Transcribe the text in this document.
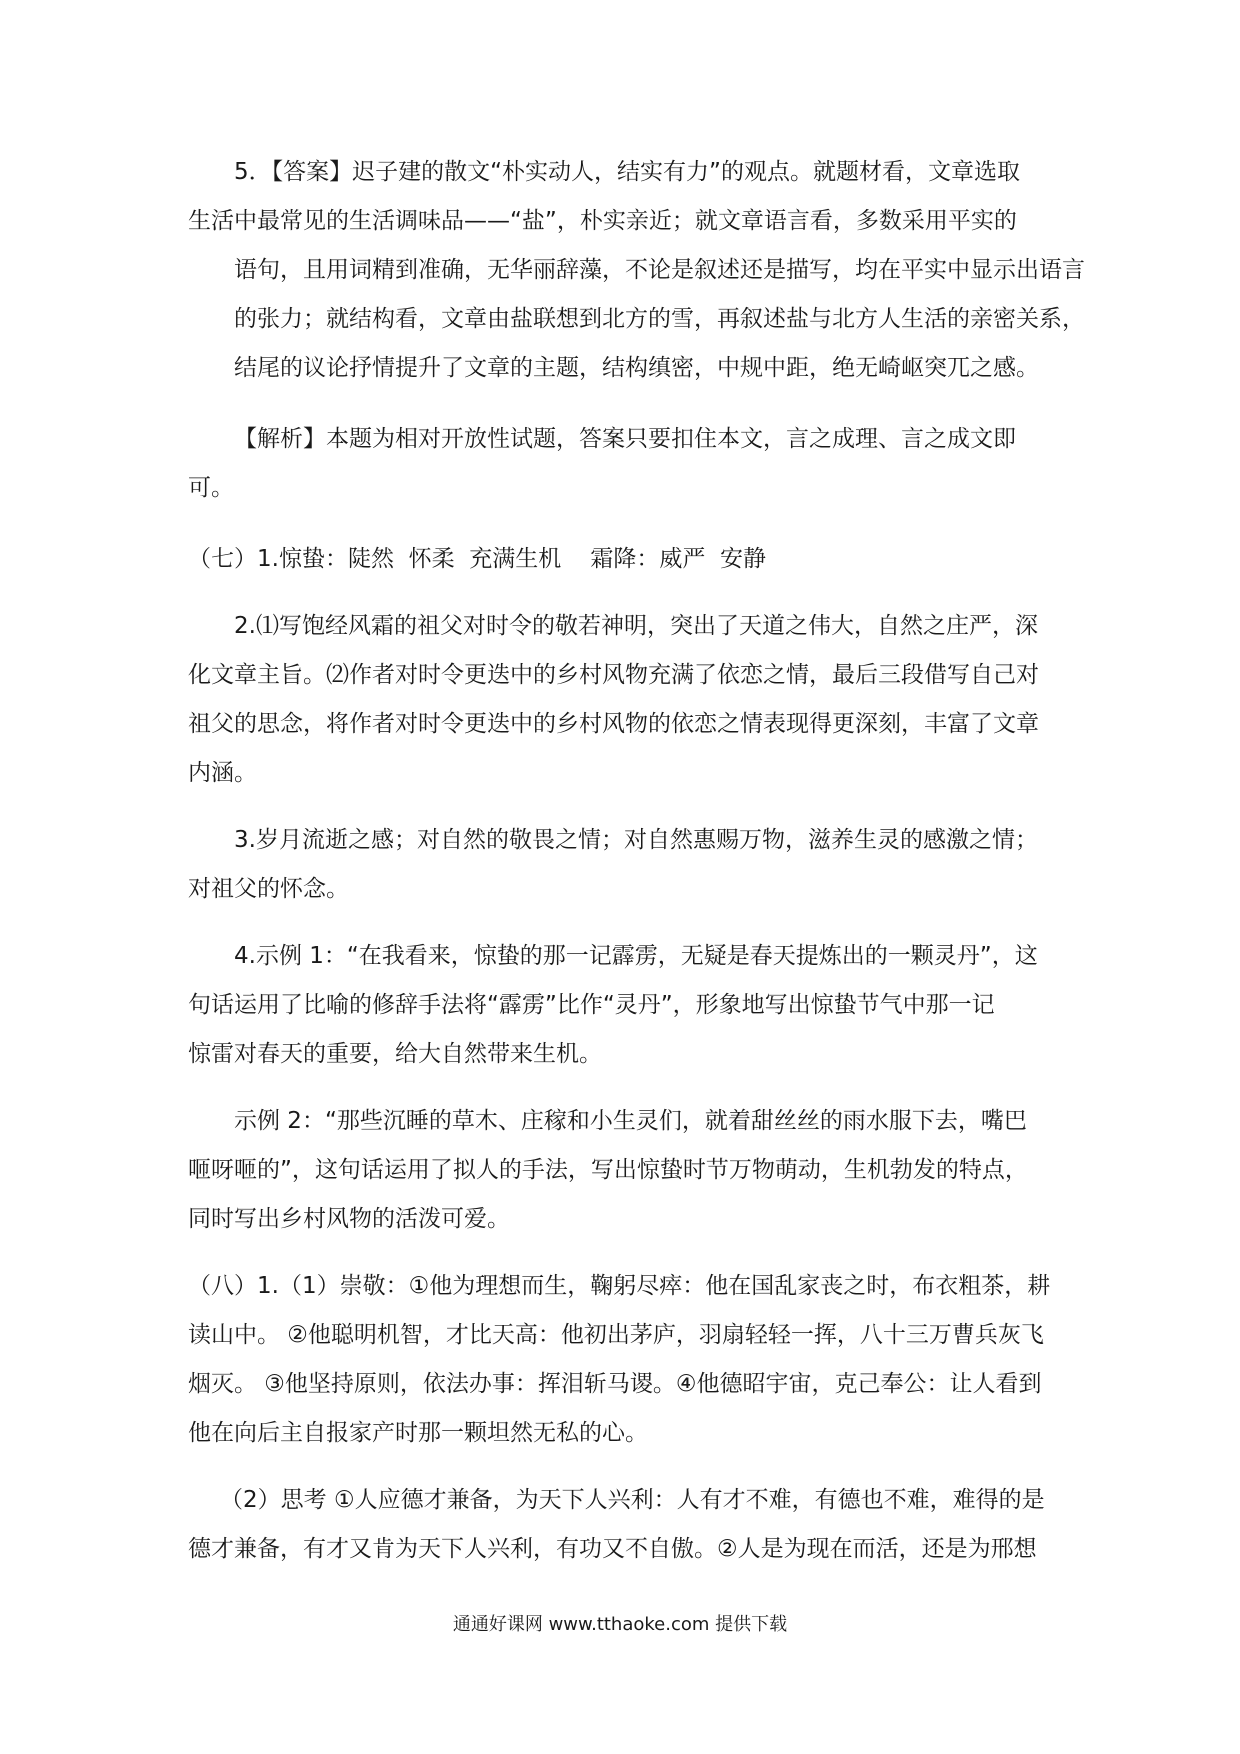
5．【答案】迟子建的散文“朴实动人，结实有力”的观点。就题材看，文章选取
生活中最常见的生活调味品——“盐”，朴实亲近；就文章语言看，多数采用平实的
语句，且用词精到准确，无华丽辞藻，不论是叙述还是描写，均在平实中显示出语言
的张力；就结构看，文章由盐联想到北方的雪，再叙述盐与北方人生活的亲密关系，
结尾的议论抒情提升了文章的主题，结构缜密，中规中距，绝无崎岖突兀之感。

【解析】本题为相对开放性试题，答案只要扣住本文，言之成理、言之成文即
可。

（七）1.惊蛰：陡然  怀柔  充满生机    霜降：威严  安静

2.⑴写饱经风霜的祖父对时令的敬若神明，突出了天道之伟大，自然之庄严，深
化文章主旨。⑵作者对时令更迭中的乡村风物充满了依恋之情，最后三段借写自己对
祖父的思念，将作者对时令更迭中的乡村风物的依恋之情表现得更深刻，丰富了文章
内涵。

3.岁月流逝之感；对自然的敬畏之情；对自然惠赐万物，滋养生灵的感激之情；
对祖父的怀念。

4.示例 1：“在我看来，惊蛰的那一记霹雳，无疑是春天提炼出的一颗灵丹”，这
句话运用了比喻的修辞手法将“霹雳”比作“灵丹”，形象地写出惊蛰节气中那一记
惊雷对春天的重要，给大自然带来生机。

示例 2：“那些沉睡的草木、庄稼和小生灵们，就着甜丝丝的雨水服下去，嘴巴
咂呀咂的”，这句话运用了拟人的手法，写出惊蛰时节万物萌动，生机勃发的特点，
同时写出乡村风物的活泼可爱。

（八）1.（1）崇敬：①他为理想而生，鞠躬尽瘁：他在国乱家丧之时，布衣粗茶，耕
读山中。 ②他聪明机智，才比天高：他初出茅庐，羽扇轻轻一挥，八十三万曹兵灰飞
烟灭。 ③他坚持原则，依法办事：挥泪斩马谡。④他德昭宇宙，克己奉公：让人看到
他在向后主自报家产时那一颗坦然无私的心。

（2）思考 ①人应德才兼备，为天下人兴利：人有才不难，有德也不难，难得的是
德才兼备，有才又肯为天下人兴利，有功又不自傲。②人是为现在而活，还是为邢想

通通好课网 www.tthaoke.com 提供下载
